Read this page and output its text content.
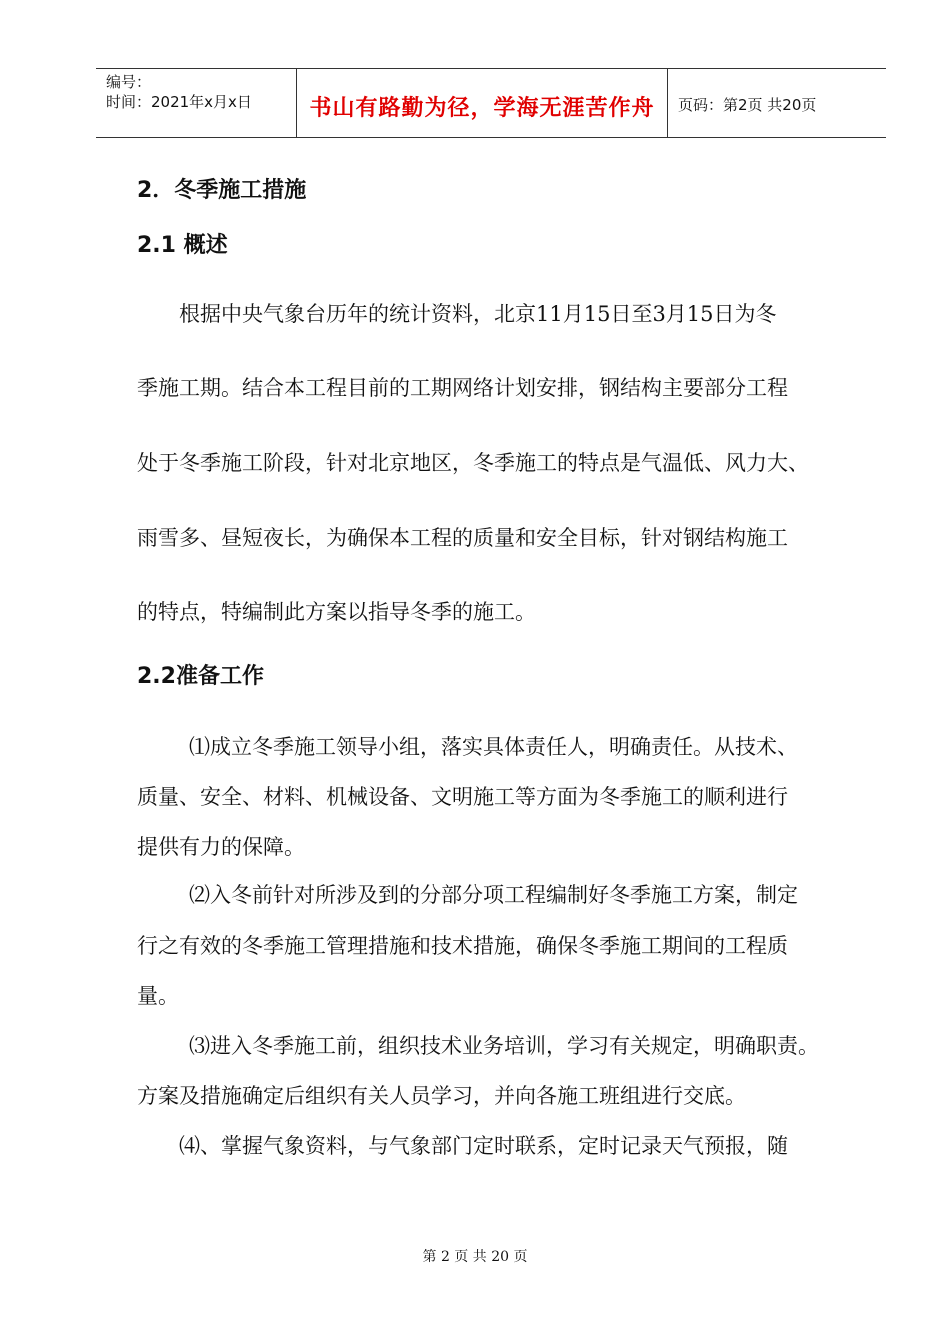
编号：
时间：2021年x月x日	书山有路勤为径，学海无涯苦作舟	页码：第2页 共20页
2．冬季施工措施
2.1 概述
根据中央气象台历年的统计资料，北京11月15日至3月15日为冬
季施工期。结合本工程目前的工期网络计划安排，钢结构主要部分工程
处于冬季施工阶段，针对北京地区，冬季施工的特点是气温低、风力大、
雨雪多、昼短夜长，为确保本工程的质量和安全目标，针对钢结构施工
的特点，特编制此方案以指导冬季的施工。
2.2准备工作
⑴成立冬季施工领导小组，落实具体责任人，明确责任。从技术、
质量、安全、材料、机械设备、文明施工等方面为冬季施工的顺利进行
提供有力的保障。
⑵入冬前针对所涉及到的分部分项工程编制好冬季施工方案，制定
行之有效的冬季施工管理措施和技术措施，确保冬季施工期间的工程质
量。
⑶进入冬季施工前，组织技术业务培训，学习有关规定，明确职责。
方案及措施确定后组织有关人员学习，并向各施工班组进行交底。
⑷、掌握气象资料，与气象部门定时联系，定时记录天气预报，随
第 2 页 共 20 页
